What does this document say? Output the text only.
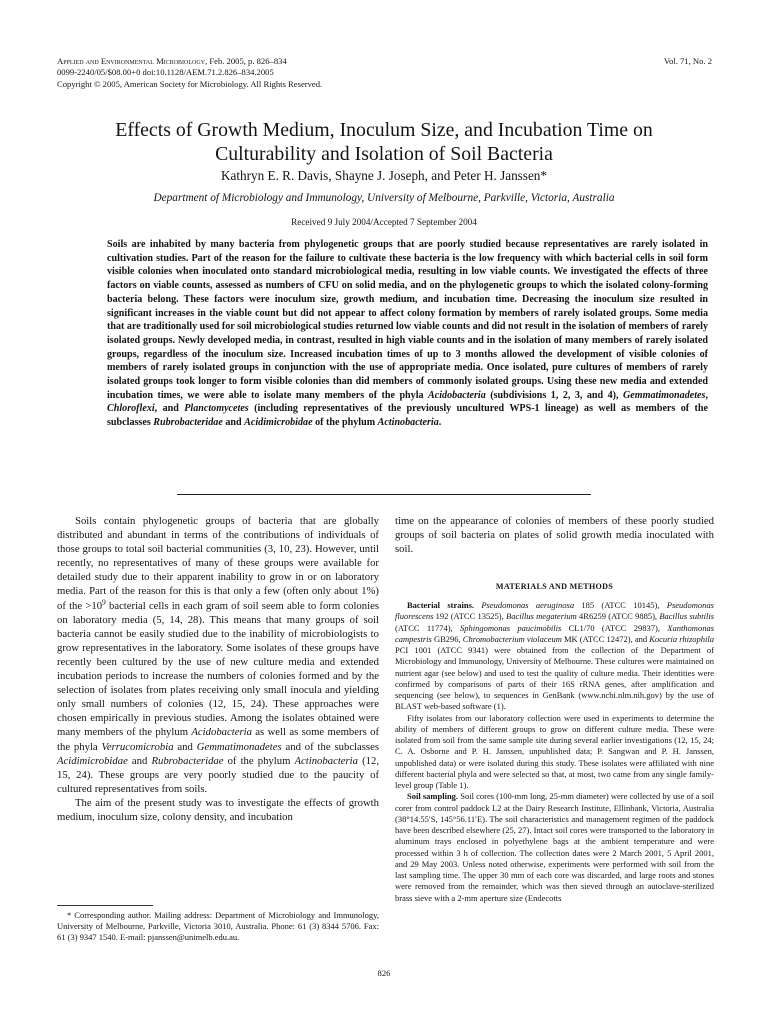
Applied and Environmental Microbiology, Feb. 2005, p. 826–834
0099-2240/05/$08.00+0 doi:10.1128/AEM.71.2.826–834.2005
Copyright © 2005, American Society for Microbiology. All Rights Reserved.
Vol. 71, No. 2
Effects of Growth Medium, Inoculum Size, and Incubation Time on
Culturability and Isolation of Soil Bacteria
Kathryn E. R. Davis, Shayne J. Joseph, and Peter H. Janssen*
Department of Microbiology and Immunology, University of Melbourne, Parkville, Victoria, Australia
Received 9 July 2004/Accepted 7 September 2004

Soils are inhabited by many bacteria from phylogenetic groups that are poorly studied because representatives are rarely isolated in cultivation studies. Part of the reason for the failure to cultivate these bacteria is the low frequency with which bacterial cells in soil form visible colonies when inoculated onto standard microbiological media, resulting in low viable counts. We investigated the effects of three factors on viable counts, assessed as numbers of CFU on solid media, and on the phylogenetic groups to which the isolated colony-forming bacteria belong. These factors were inoculum size, growth medium, and incubation time. Decreasing the inoculum size resulted in significant increases in the viable count but did not appear to affect colony formation by members of rarely isolated groups. Some media that are traditionally used for soil microbiological studies returned low viable counts and did not result in the isolation of members of rarely isolated groups. Newly developed media, in contrast, resulted in high viable counts and in the isolation of many members of rarely isolated groups, regardless of the inoculum size. Increased incubation times of up to 3 months allowed the development of visible colonies of members of rarely isolated groups in conjunction with the use of appropriate media. Once isolated, pure cultures of members of rarely isolated groups took longer to form visible colonies than did members of commonly isolated groups. Using these new media and extended incubation times, we were able to isolate many members of the phyla Acidobacteria (subdivisions 1, 2, 3, and 4), Gemmatimonadetes, Chloroflexi, and Planctomycetes (including representatives of the previously uncultured WPS-1 lineage) as well as members of the subclasses Rubrobacteridae and Acidimicrobidae of the phylum Actinobacteria.

Soils contain phylogenetic groups of bacteria that are globally distributed and abundant in terms of the contributions of individuals of those groups to total soil bacterial communities (3, 10, 23). However, until recently, no representatives of many of these groups were available for detailed study due to their apparent inability to grow in or on laboratory media. Part of the reason for this is that only a few (often only about 1%) of the $>10^9$ bacterial cells in each gram of soil seem able to form colonies on laboratory media (5, 14, 28). This means that many groups of soil bacteria cannot be easily studied due to the inability of microbiologists to grow representatives in the laboratory. Some isolates of these groups have recently been cultured by the use of new culture media and extended incubation periods to increase the numbers of colonies formed and by the selection of isolates from plates receiving only small inocula and yielding only small numbers of colonies (12, 15, 24). These approaches were chosen empirically in previous studies. Among the isolates obtained were many members of the phylum Acidobacteria as well as some members of the phyla Verrucomicrobia and Gemmatimonadetes and of the subclasses Acidimicrobidae and Rubrobacteridae of the phylum Actinobacteria (12, 15, 24). These groups are very poorly studied due to the paucity of cultured representatives from soils.

The aim of the present study was to investigate the effects of growth medium, inoculum size, colony density, and incubation

time on the appearance of colonies of members of these poorly studied groups of soil bacteria on plates of solid growth media inoculated with soil.

MATERIALS AND METHODS

Bacterial strains. Pseudomonas aeruginosa 185 (ATCC 10145), Pseudomonas fluorescens 192 (ATCC 13525), Bacillus megaterium 4R6259 (ATCC 9885), Bacillus subtilis (ATCC 11774), Sphingomonas paucimobilis CL1/70 (ATCC 29837), Xanthomonas campestris GB296, Chromobacterium violaceum MK (ATCC 12472), and Kocuria rhizophila PCI 1001 (ATCC 9341) were obtained from the collection of the Department of Microbiology and Immunology, University of Melbourne. These cultures were maintained on nutrient agar (see below) and used to test the quality of culture media. Their identities were confirmed by comparisons of parts of their 16S rRNA genes, after amplification and sequencing (see below), to sequences in GenBank (www.ncbi.nlm.nih.gov) by the use of BLAST web-based software (1).

Fifty isolates from our laboratory collection were used in experiments to determine the ability of members of different groups to grow on different culture media. These were isolated from soil from the same sample site during several earlier investigations (12, 15, 24; C. A. Osborne and P. H. Janssen, unpublished data; P. Sangwan and P. H. Janssen, unpublished data) or were isolated during this study. These isolates were affiliated with nine different bacterial phyla and were selected so that, at most, two came from any single family-level group (Table 1).

Soil sampling. Soil cores (100-mm long, 25-mm diameter) were collected by use of a soil corer from control paddock L2 at the Dairy Research Institute, Ellinbank, Victoria, Australia (38°14.55′S, 145°56.11′E). The soil characteristics and management regimen of the paddock have been described elsewhere (25, 27). Intact soil cores were transported to the laboratory in aluminum trays enclosed in polyethylene bags at the ambient temperature and were processed within 3 h of collection. The collection dates were 2 March 2001, 5 April 2001, and 29 May 2003. Unless noted otherwise, experiments were performed with soil from the last sampling time. The upper 30 mm of each core was discarded, and large roots and stones were removed from the remainder, which was then sieved through an autoclave-sterilized brass sieve with a 2-mm aperture size (Endecotts

* Corresponding author. Mailing address: Department of Microbiology and Immunology, University of Melbourne, Parkville, Victoria 3010, Australia. Phone: 61 (3) 8344 5706. Fax: 61 (3) 9347 1540. E-mail: pjanssen@unimelb.edu.au.

826
